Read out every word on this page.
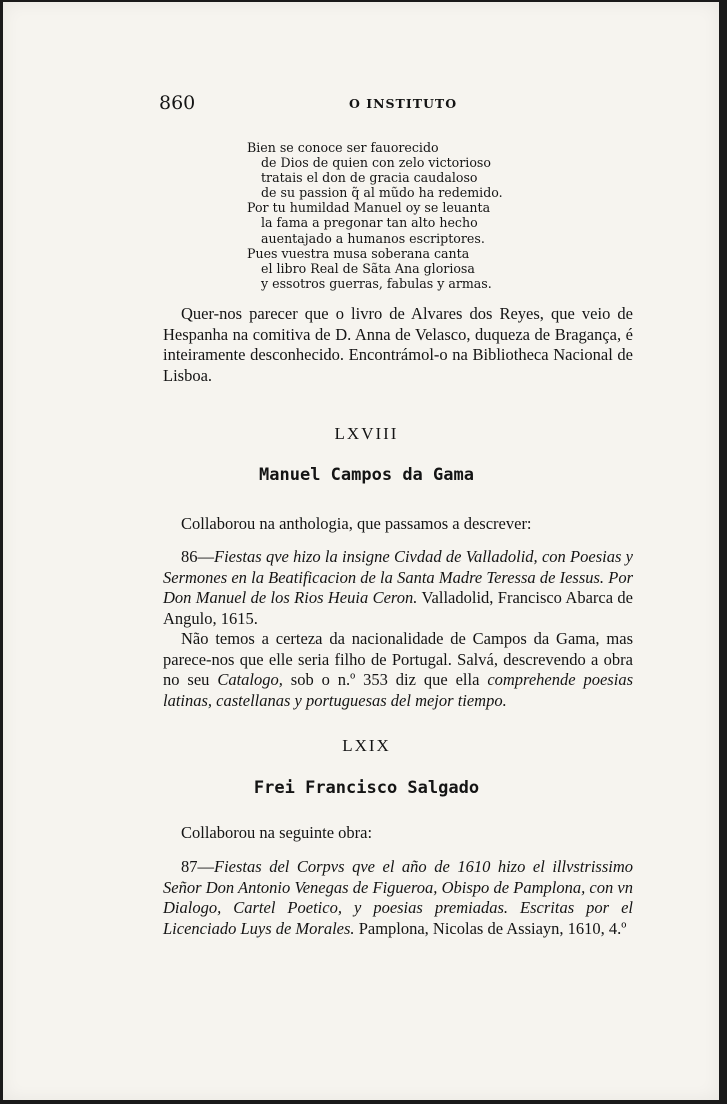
860	O INSTITUTO
Bien se conoce ser fauorecido
de Dios de quien con zelo victorioso
tratais el don de gracia caudaloso
de su passion q̃ al mũdo ha redemido.
Por tu humildad Manuel oy se leuanta
la fama a pregonar tan alto hecho
auentajado a humanos escriptores.
Pues vuestra musa soberana canta
el libro Real de Sãta Ana gloriosa
y essotros guerras, fabulas y armas.

Quer-nos parecer que o livro de Alvares dos Reyes, que veio de Hespanha na comitiva de D. Anna de Velasco, duqueza de Bragança, é inteiramente desconhecido. Encontrámol-o na Bibliotheca Nacional de Lisboa.

LXVIII
Manuel Campos da Gama

Collaborou na anthologia, que passamos a descrever:

86—Fiestas qve hizo la insigne Civdad de Valladolid, con Poesias y Sermones en la Beatificacion de la Santa Madre Teressa de Iessus. Por Don Manuel de los Rios Heuia Ceron. Valladolid, Francisco Abarca de Angulo, 1615.

Não temos a certeza da nacionalidade de Campos da Gama, mas parece-nos que elle seria filho de Portugal. Salvá, descrevendo a obra no seu Catalogo, sob o n.º 353 diz que ella comprehende poesias latinas, castellanas y portuguesas del mejor tiempo.

LXIX
Frei Francisco Salgado

Collaborou na seguinte obra:

87—Fiestas del Corpvs qve el año de 1610 hizo el illvstrissimo Señor Don Antonio Venegas de Figueroa, Obispo de Pamplona, con vn Dialogo, Cartel Poetico, y poesias premiadas. Escritas por el Licenciado Luys de Morales. Pamplona, Nicolas de Assiayn, 1610, 4.º
